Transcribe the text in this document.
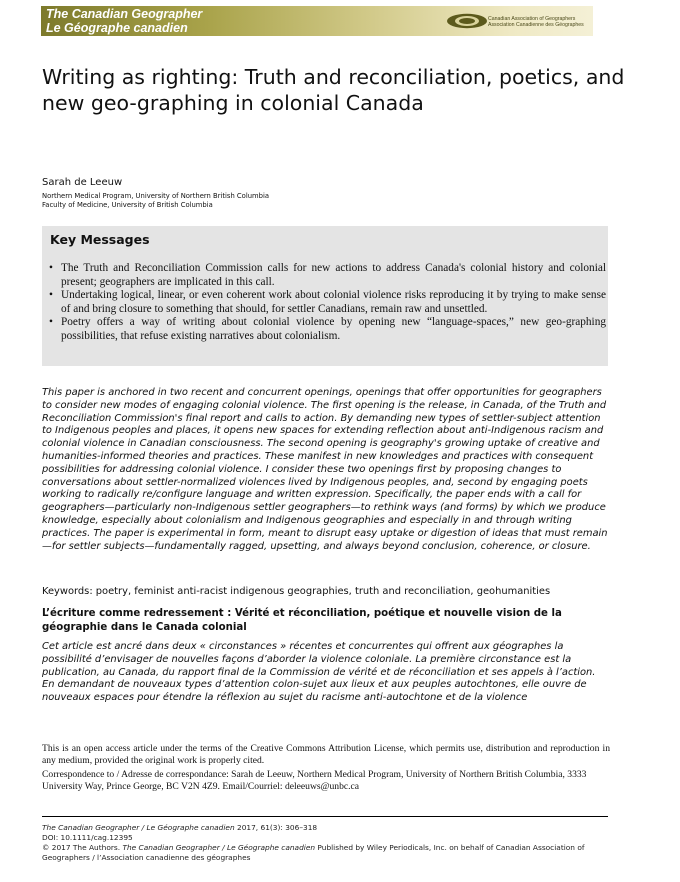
The Canadian Geographer
Le Géographe canadien
Canadian Association of Geographers
Association Canadienne des Géographes
Writing as righting: Truth and reconciliation, poetics, and new geo-graphing in colonial Canada
Sarah de Leeuw
Northern Medical Program, University of Northern British Columbia
Faculty of Medicine, University of British Columbia
Key Messages
• The Truth and Reconciliation Commission calls for new actions to address Canada's colonial history and colonial present; geographers are implicated in this call.
• Undertaking logical, linear, or even coherent work about colonial violence risks reproducing it by trying to make sense of and bring closure to something that should, for settler Canadians, remain raw and unsettled.
• Poetry offers a way of writing about colonial violence by opening new “language-spaces,” new geo-graphing possibilities, that refuse existing narratives about colonialism.

This paper is anchored in two recent and concurrent openings, openings that offer opportunities for geographers to consider new modes of engaging colonial violence. The first opening is the release, in Canada, of the Truth and Reconciliation Commission's final report and calls to action. By demanding new types of settler-subject attention to Indigenous peoples and places, it opens new spaces for extending reflection about anti-Indigenous racism and colonial violence in Canadian consciousness. The second opening is geography's growing uptake of creative and humanities-informed theories and practices. These manifest in new knowledges and practices with consequent possibilities for addressing colonial violence. I consider these two openings first by proposing changes to conversations about settler-normalized violences lived by Indigenous peoples, and, second by engaging poets working to radically re/configure language and written expression. Specifically, the paper ends with a call for geographers—particularly non-Indigenous settler geographers—to rethink ways (and forms) by which we produce knowledge, especially about colonialism and Indigenous geographies and especially in and through writing practices. The paper is experimental in form, meant to disrupt easy uptake or digestion of ideas that must remain—for settler subjects—fundamentally ragged, upsetting, and always beyond conclusion, coherence, or closure.

Keywords: poetry, feminist anti-racist indigenous geographies, truth and reconciliation, geohumanities
L’écriture comme redressement : Vérité et réconciliation, poétique et nouvelle vision de la géographie dans le Canada colonial

Cet article est ancré dans deux « circonstances » récentes et concurrentes qui offrent aux géographes la possibilité d’envisager de nouvelles façons d’aborder la violence coloniale. La première circonstance est la publication, au Canada, du rapport final de la Commission de vérité et de réconciliation et ses appels à l’action. En demandant de nouveaux types d’attention colon-sujet aux lieux et aux peuples autochtones, elle ouvre de nouveaux espaces pour étendre la réflexion au sujet du racisme anti-autochtone et de la violence

This is an open access article under the terms of the Creative Commons Attribution License, which permits use, distribution and reproduction in any medium, provided the original work is properly cited.

Correspondence to / Adresse de correspondance: Sarah de Leeuw, Northern Medical Program, University of Northern British Columbia, 3333 University Way, Prince George, BC V2N 4Z9. Email/Courriel: deleeuws@unbc.ca

The Canadian Geographer / Le Géographe canadien 2017, 61(3): 306–318
DOI: 10.1111/cag.12395
© 2017 The Authors. The Canadian Geographer / Le Géographe canadien Published by Wiley Periodicals, Inc. on behalf of Canadian Association of
Geographers / l’Association canadienne des géographes
